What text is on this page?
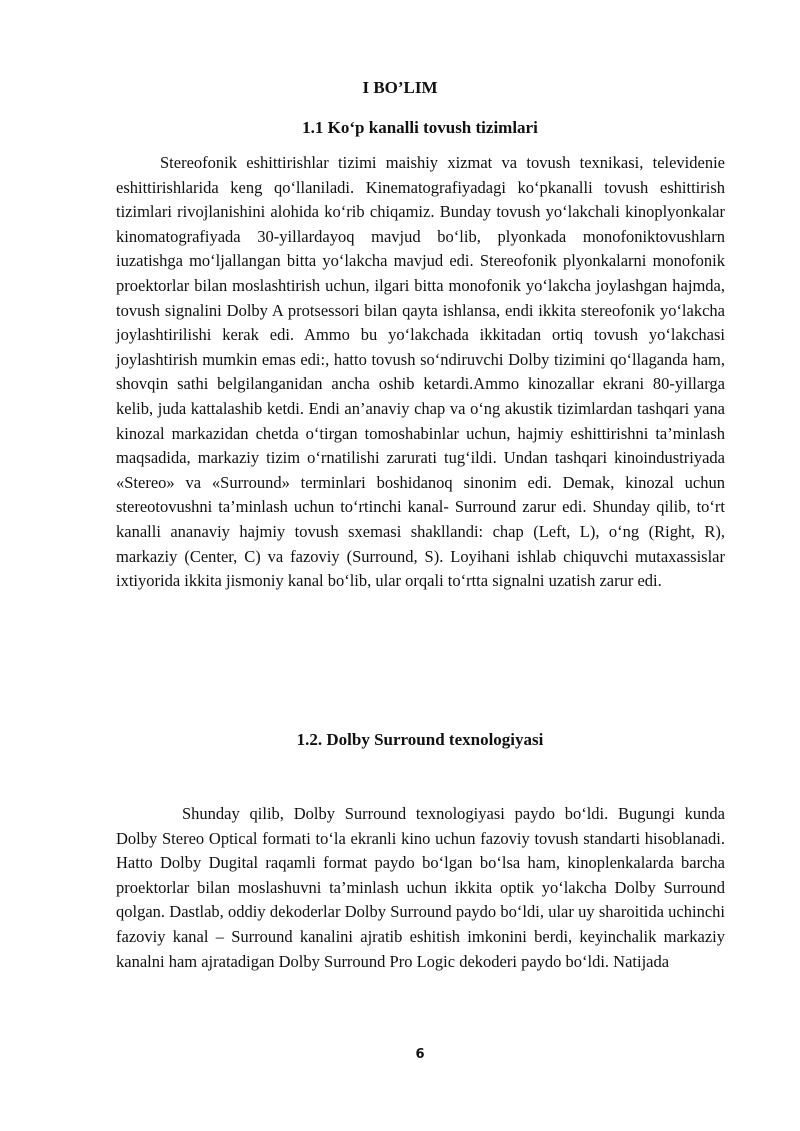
I BO’LIM
1.1 Ko‘p kanalli tovush tizimlari

Stereofonik eshittirishlar tizimi maishiy xizmat va tovush texnikasi, televidenie eshittirishlarida keng qo‘llaniladi. Kinematografiyadagi ko‘pkanalli tovush eshittirish tizimlari rivojlanishini alohida ko‘rib chiqamiz. Bunday tovush yo‘lakchali kinoplyonkalar kinomatografiyada 30-yillardayoq mavjud bo‘lib, plyonkada monofoniktovushlarn iuzatishga mo‘ljallangan bitta yo‘lakcha mavjud edi. Stereofonik plyonkalarni monofonik proektorlar bilan moslashtirish uchun, ilgari bitta monofonik yo‘lakcha joylashgan hajmda, tovush signalini Dolby A protsessori bilan qayta ishlansa, endi ikkita stereofonik yo‘lakcha joylashtirilishi kerak edi. Ammo bu yo‘lakchada ikkitadan ortiq tovush yo‘lakchasi joylashtirish mumkin emas edi:, hatto tovush so‘ndiruvchi Dolby tizimini qo‘llaganda ham, shovqin sathi belgilanganidan ancha oshib ketardi.Ammo kinozallar ekrani 80-yillarga kelib, juda kattalashib ketdi. Endi an’anaviy chap va o‘ng akustik tizimlardan tashqari yana kinozal markazidan chetda o‘tirgan tomoshabinlar uchun, hajmiy eshittirishni ta’minlash maqsadida, markaziy tizim o‘rnatilishi zarurati tug‘ildi. Undan tashqari kinoindustriyada «Stereo» va «Surround» terminlari boshidanoq sinonim edi. Demak, kinozal uchun stereotovushni ta’minlash uchun to‘rtinchi kanal- Surround zarur edi. Shunday qilib, to‘rt kanalli ananaviy hajmiy tovush sxemasi shakllandi: chap (Left, L), o‘ng (Right, R), markaziy (Center, C) va fazoviy (Surround, S). Loyihani ishlab chiquvchi mutaxassislar ixtiyorida ikkita jismoniy kanal bo‘lib, ular orqali to‘rtta signalni uzatish zarur edi.

1.2. Dolby Surround texnologiyasi

Shunday qilib, Dolby Surround texnologiyasi paydo bo‘ldi. Bugungi kunda Dolby Stereo Optical formati to‘la ekranli kino uchun fazoviy tovush standarti hisoblanadi. Hatto Dolby Dugital raqamli format paydo bo‘lgan bo‘lsa ham, kinoplenkalarda barcha proektorlar bilan moslashuvni ta’minlash uchun ikkita optik yo‘lakcha Dolby Surround qolgan. Dastlab, oddiy dekoderlar Dolby Surround paydo bo‘ldi, ular uy sharoitida uchinchi fazoviy kanal – Surround kanalini ajratib eshitish imkonini berdi, keyinchalik markaziy kanalni ham ajratadigan Dolby Surround Pro Logic dekoderi paydo bo‘ldi. Natijada

6
